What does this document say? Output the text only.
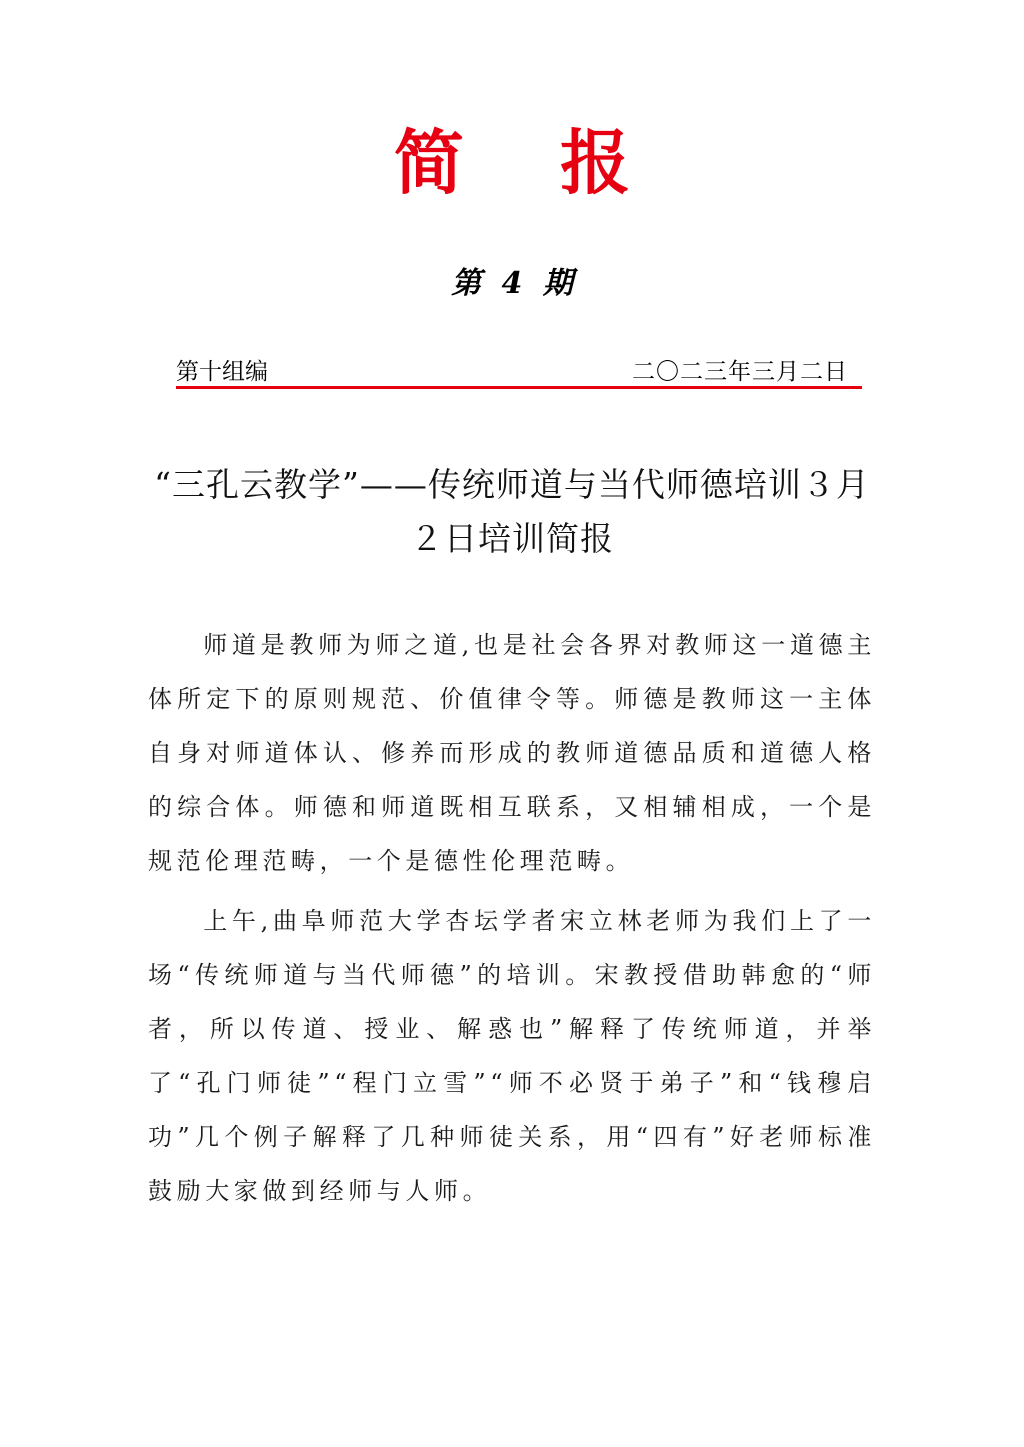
简 报
第 4 期
第十组编	二〇二三年三月二日
“三孔云教学”——传统师道与当代师德培训３月２日培训简报

师道是教师为师之道,也是社会各界对教师这一道德主体所定下的原则规范、价值律令等。师德是教师这一主体自身对师道体认、修养而形成的教师道德品质和道德人格的综合体。师德和师道既相互联系，又相辅相成，一个是规范伦理范畴，一个是德性伦理范畴。

上午,曲阜师范大学杏坛学者宋立林老师为我们上了一场“传统师道与当代师德”的培训。宋教授借助韩愈的“师者，所以传道、授业、解惑也”解释了传统师道，并举了“孔门师徒”“程门立雪”“师不必贤于弟子”和“钱穆启功”几个例子解释了几种师徒关系，用“四有”好老师标准鼓励大家做到经师与人师。
